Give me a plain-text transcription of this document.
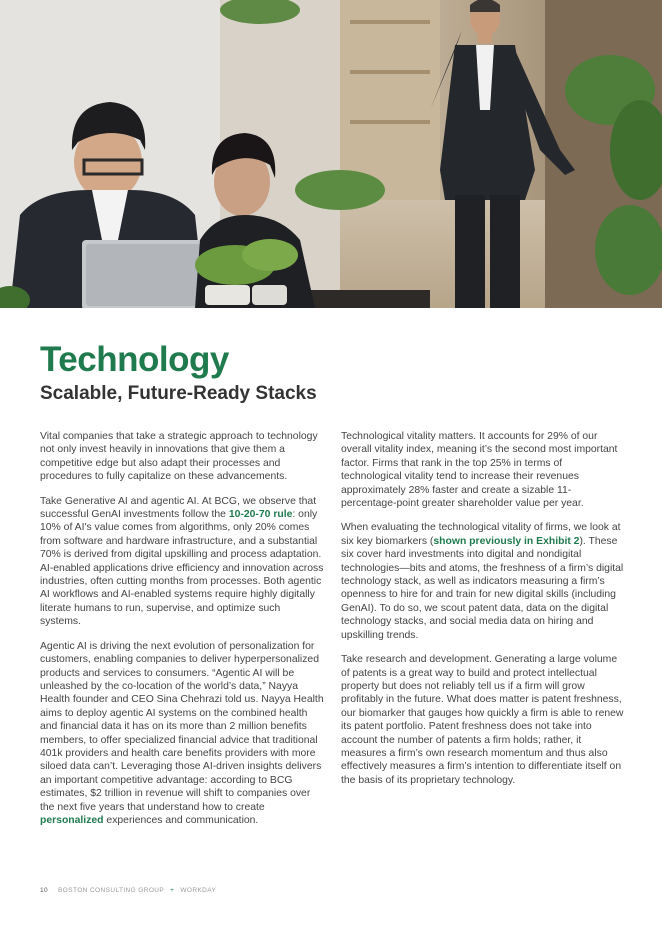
Technology
Scalable, Future-Ready Stacks

Vital companies that take a strategic approach to technology not only invest heavily in innovations that give them a competitive edge but also adapt their processes and procedures to fully capitalize on these advancements.

Take Generative AI and agentic AI. At BCG, we observe that successful GenAI investments follow the 10-20-70 rule: only 10% of AI's value comes from algorithms, only 20% comes from software and hardware infrastructure, and a substantial 70% is derived from digital upskilling and process adaptation. AI-enabled applications drive efficiency and innovation across industries, often cutting months from processes. Both agentic AI workflows and AI-enabled systems require highly digitally literate humans to run, supervise, and optimize such systems.

Agentic AI is driving the next evolution of personalization for customers, enabling companies to deliver hyperpersonalized products and services to consumers. “Agentic AI will be unleashed by the co-location of the world’s data,” Nayya Health founder and CEO Sina Chehrazi told us. Nayya Health aims to deploy agentic AI systems on the combined health and financial data it has on its more than 2 million benefits members, to offer specialized financial advice that traditional 401k providers and health care benefits providers with more siloed data can’t. Leveraging those AI-driven insights delivers an important competitive advantage: according to BCG estimates, $2 trillion in revenue will shift to companies over the next five years that understand how to create personalized experiences and communication.

Technological vitality matters. It accounts for 29% of our overall vitality index, meaning it’s the second most important factor. Firms that rank in the top 25% in terms of technological vitality tend to increase their revenues approximately 28% faster and create a sizable 11-percentage-point greater shareholder value per year.

When evaluating the technological vitality of firms, we look at six key biomarkers (shown previously in Exhibit 2). These six cover hard investments into digital and nondigital technologies—bits and atoms, the freshness of a firm’s digital technology stack, as well as indicators measuring a firm’s openness to hire for and train for new digital skills (including GenAI). To do so, we scout patent data, data on the digital technology stacks, and social media data on hiring and upskilling trends.

Take research and development. Generating a large volume of patents is a great way to build and protect intellectual property but does not reliably tell us if a firm will grow profitably in the future. What does matter is patent freshness, our biomarker that gauges how quickly a firm is able to renew its patent portfolio. Patent freshness does not take into account the number of patents a firm holds; rather, it measures a firm’s own research momentum and thus also effectively measures a firm’s intention to differentiate itself on the basis of its proprietary technology.

10 BOSTON CONSULTING GROUP + WORKDAY
